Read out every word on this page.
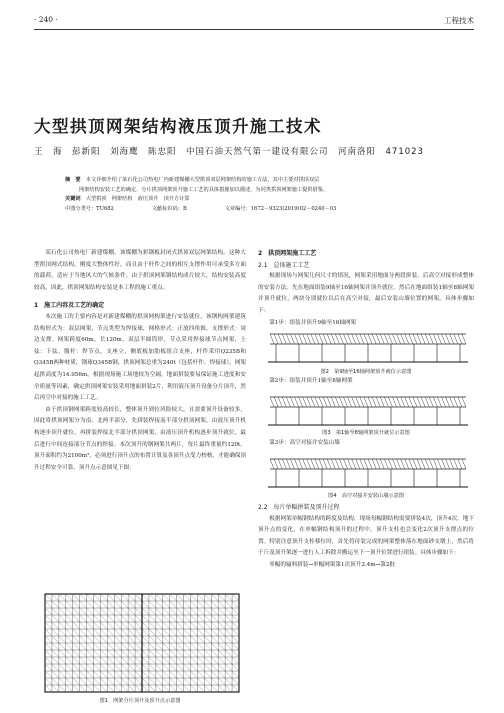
· 240 ·	工程技术
大型拱顶网架结构液压顶升施工技术
王　海　彭新阳　刘海鹰　陈忠阳　中国石油天然气第一建设有限公司　河南洛阳　471023
摘　要　 本文详细介绍了某石化公司热电厂内新建煤棚大型拱顶双层网架结构的施工方法，其中主要对拱顶双层
网架结构安装工艺的确定、分片拱顶网架顶升施工工艺的具体措施加以描述，为同类拱顶网架施工提供借鉴。
关键词　 大型拱顶　网架结构　液压顶升　顶升方计算
中图分类号：TU682	文献标识码：B	文章编号：1672－9323(2019)02－0240－03

某石化公司热电厂新建煤棚，该煤棚为彩钢板封闭式拱顶双层网架结构。这种大型拱顶网式结构，刚度大整体性好，而且由于杆件之间的相互支撑作用可承受多方面的载荷，适应于当地风大的气候条件。由于拱顶网架钢结构成片较大，结构安装高度较高，因此，拱顶网架结构安装是本工程的施工重点。

1　施工内容及工艺的确定

本次施工的主要内容是对新建煤棚的拱顶网构架进行安装就位，该钢构网架建筑结构形式为：双层网架，节点类型为焊接球，网格形式：正放四角锥，支撑形式：周边支撑。网架跨度60m，长120m，双层半圆筒形，节点采用焊接球节点网架，上弦：下弦，腹杆：焊节点，支座立，侧底板加肋板组合支座，杆件采用Q235B和Q345B两种材质，钢球Q345B钢，拱顶网架总重为240t（包括杆件、焊接球），网架起拱高度为14.956m。根据现场施工场地较为空阔，地面拼装要易保证施工进度和安全质量等因素，确定拱顶网架安装采用地面拼装2片，利用液压顶升设备分片顶升，然后再空中对接的施工工艺。

由于拱顶钢网架跨度较高较长，整体顶升到位风险较大，且需要顶升设备较多，因此将拱顶网架分为南、北两半部分，先拼装焊接南半部分拱顶网架，由液压顶升机构逐步顶升就位，再拼装焊接北半部分拱顶网架，由液压顶升机构逐步顶升就位，最后进行中间连接部分节点的焊接。本次顶升的钢网架共两片，每片最终重量约120t。顶升面积约为2100m²，必须进行顶升点的布置计算及各顶升点受力校核，才能确保顶升过程安全可靠。顶升点示意图见下图：

图1　网架分片顶升及顶升点示意图
2　拱顶网架施工工艺
2.1　总体施工工艺

根据现场与网架几何尺寸的情况，网架采用地面分两段拼装，后高空对接形成整体的安装方法。先在地面组装9轴至16轴网架并顶升就位，然后在地面组装1轴至8轴网架并顶升就位，两块分别就位以后在高空对接，最后安装山墙位置的网架。具体步骤如下：

第1步：组装并顶升9轴至16轴网架

图2　第9轴至16轴网架顶升就位示意图

第2步：组装并顶升1轴至8轴网架

图3　第1轴至8轴网架顶升就位示意图

第3步：高空对接并安装山墙

图4　高空对接并安装山墙示意图
2.2　每片单幅拼装及顶升过程

根据网架单幅钢结构的跨度及结构，现场每幅钢结构需要拼装4次，顶升4次。地下顶升点的变化，在单幅钢结构顶升的过程中，顶升支柱也会变化2次顶升支撑点的位置。特别注意顶升支柱移位时，首先将待装完成的网架整体落在地面砂支墩上，然后将千斤及顶升架逐一进行人工拆除并搬运至下一顶升位置进行组装。具体步骤如下：

单幅的输料拼装→单幅网架第1次顶升2.4m→第2批
